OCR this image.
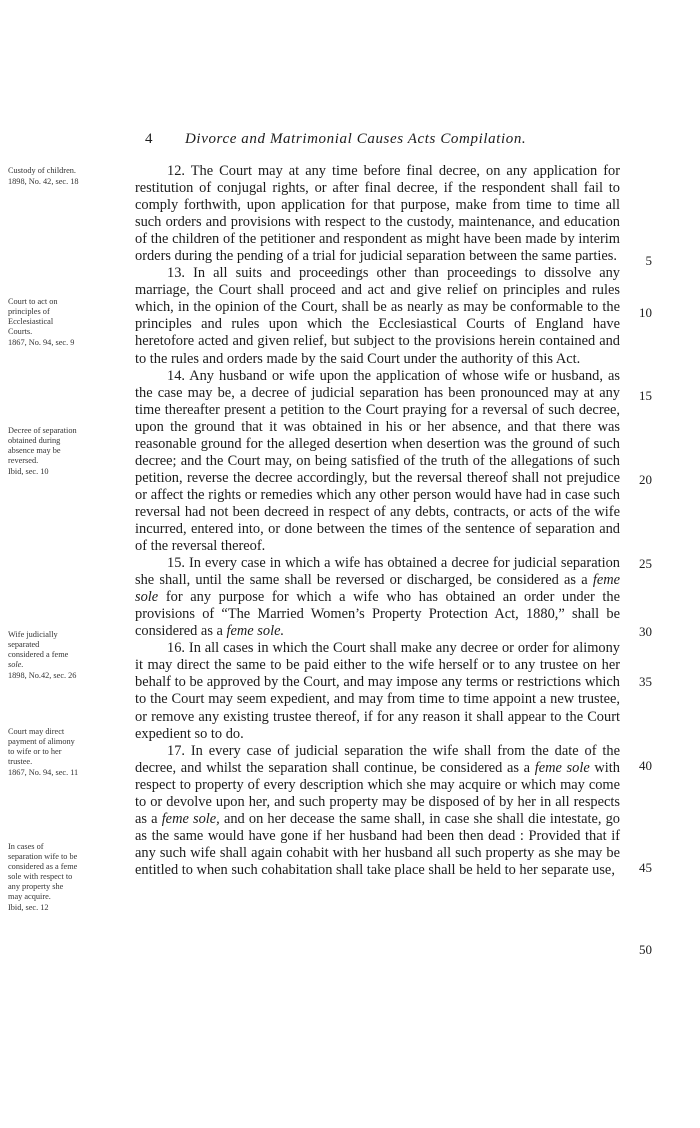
4 Divorce and Matrimonial Causes Acts Compilation.
Custody of children.
1898, No. 42, sec. 18
Court to act on
principles of
Ecclesiastical
Courts.
1867, No. 94, sec. 9
Decree of separation
obtained during
absence may be
reversed.
Ibid, sec. 10
Wife judicially
separated
considered a feme
sole.
1898, No.42, sec. 26
Court may direct
payment of alimony
to wife or to her
trustee.
1867, No. 94, sec. 11
In cases of
separation wife to be
considered as a feme
sole with respect to
any property she
may acquire.
Ibid, sec. 12

12. The Court may at any time before final decree, on any application for restitution of conjugal rights, or after final decree, if the respondent shall fail to comply forthwith, upon application for that purpose, make from time to time all such orders and provisions with respect to the custody, maintenance, and education of the children of the petitioner and respondent as might have been made by interim orders during the pending of a trial for judicial separation between the same parties.

13. In all suits and proceedings other than proceedings to dissolve any marriage, the Court shall proceed and act and give relief on principles and rules which, in the opinion of the Court, shall be as nearly as may be conformable to the principles and rules upon which the Ecclesiastical Courts of England have heretofore acted and given relief, but subject to the provisions herein contained and to the rules and orders made by the said Court under the authority of this Act.

14. Any husband or wife upon the application of whose wife or husband, as the case may be, a decree of judicial separation has been pronounced may at any time thereafter present a petition to the Court praying for a reversal of such decree, upon the ground that it was obtained in his or her absence, and that there was reasonable ground for the alleged desertion when desertion was the ground of such decree; and the Court may, on being satisfied of the truth of the allegations of such petition, reverse the decree accordingly, but the reversal thereof shall not prejudice or affect the rights or remedies which any other person would have had in case such reversal had not been decreed in respect of any debts, contracts, or acts of the wife incurred, entered into, or done between the times of the sentence of separation and of the reversal thereof.

15. In every case in which a wife has obtained a decree for judicial separation she shall, until the same shall be reversed or discharged, be considered as a feme sole for any purpose for which a wife who has obtained an order under the provisions of “The Married Women’s Property Protection Act, 1880,” shall be considered as a feme sole.

16. In all cases in which the Court shall make any decree or order for alimony it may direct the same to be paid either to the wife herself or to any trustee on her behalf to be approved by the Court, and may impose any terms or restrictions which to the Court may seem expedient, and may from time to time appoint a new trustee, or remove any existing trustee thereof, if for any reason it shall appear to the Court expedient so to do.

17. In every case of judicial separation the wife shall from the date of the decree, and whilst the separation shall continue, be considered as a feme sole with respect to property of every description which she may acquire or which may come to or devolve upon her, and such property may be disposed of by her in all respects as a feme sole, and on her decease the same shall, in case she shall die intestate, go as the same would have gone if her husband had been then dead : Provided that if any such wife shall again cohabit with her husband all such property as she may be entitled to when such cohabitation shall take place shall be held to her separate use,

5
10
15
20
25
30
35
40
45
50
